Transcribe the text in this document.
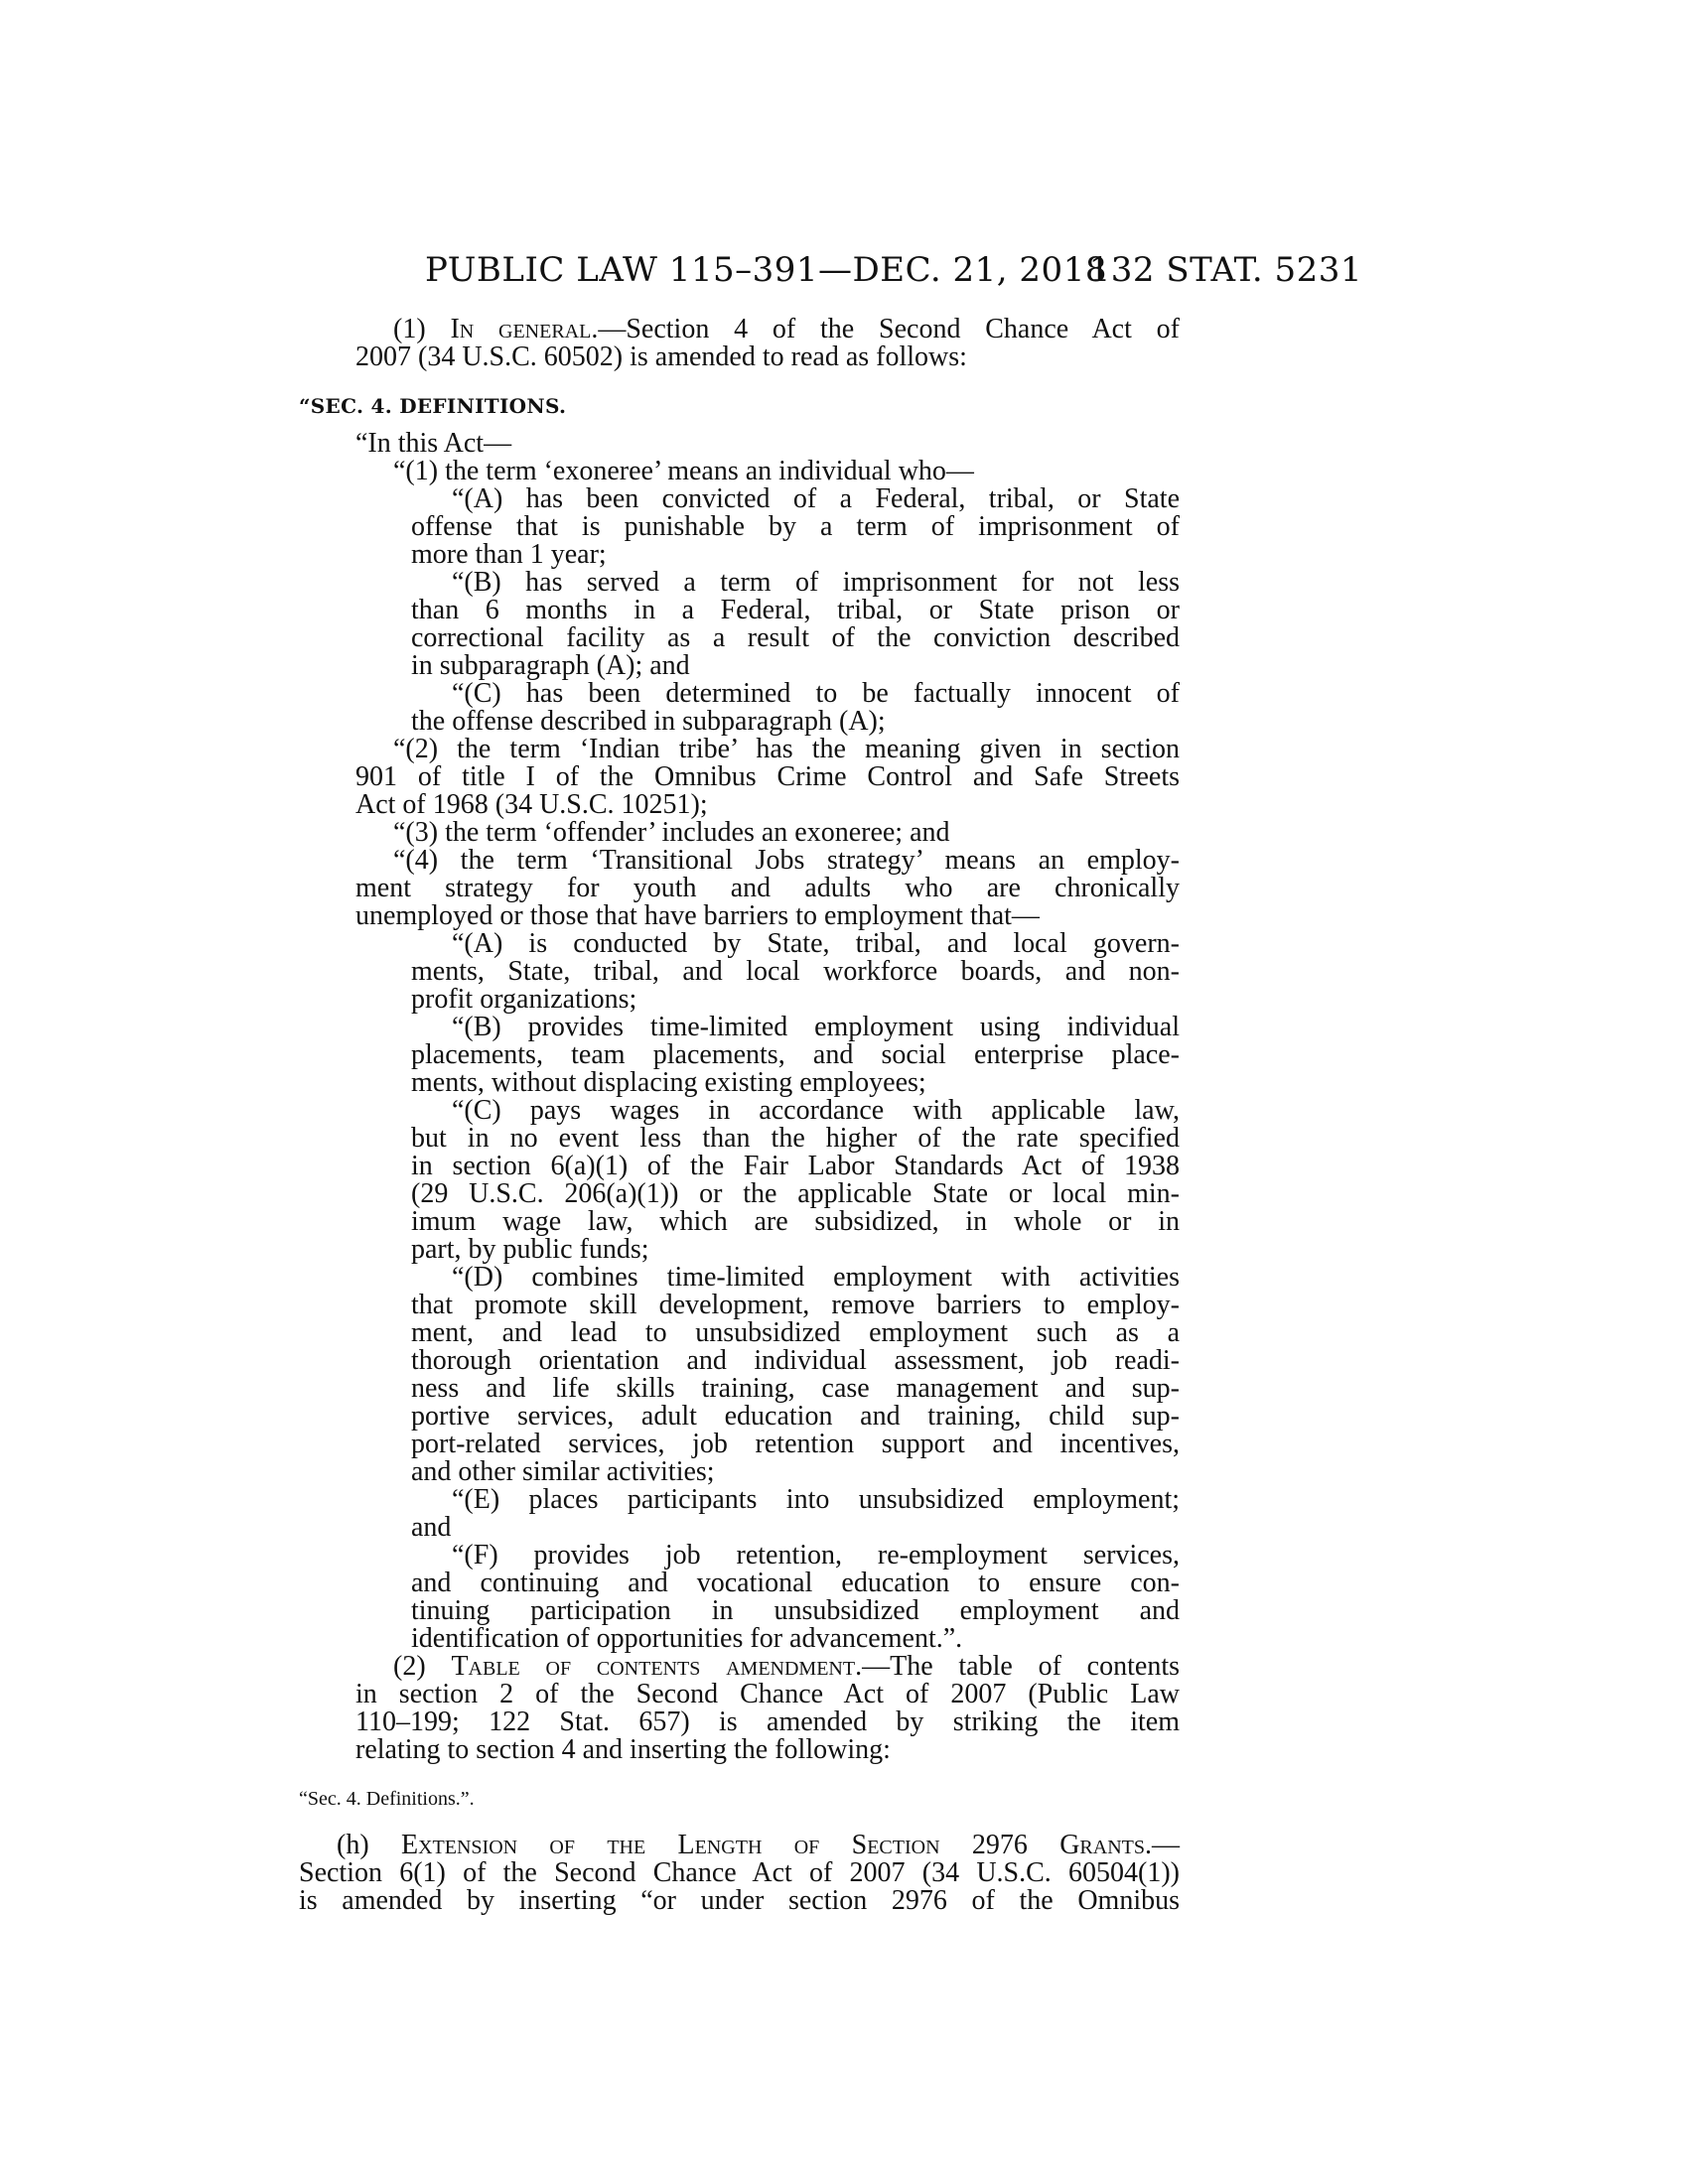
PUBLIC LAW 115–391—DEC. 21, 2018
132 STAT. 5231
(1) In general.—Section 4 of the Second Chance Act of
2007 (34 U.S.C. 60502) is amended to read as follows:
“SEC. 4. DEFINITIONS.
“In this Act—
“(1) the term ‘exoneree’ means an individual who—
“(A) has been convicted of a Federal, tribal, or State
offense that is punishable by a term of imprisonment of
more than 1 year;
“(B) has served a term of imprisonment for not less
than 6 months in a Federal, tribal, or State prison or
correctional facility as a result of the conviction described
in subparagraph (A); and
“(C) has been determined to be factually innocent of
the offense described in subparagraph (A);
“(2) the term ‘Indian tribe’ has the meaning given in section
901 of title I of the Omnibus Crime Control and Safe Streets
Act of 1968 (34 U.S.C. 10251);
“(3) the term ‘offender’ includes an exoneree; and
“(4) the term ‘Transitional Jobs strategy’ means an employ-
ment strategy for youth and adults who are chronically
unemployed or those that have barriers to employment that—
“(A) is conducted by State, tribal, and local govern-
ments, State, tribal, and local workforce boards, and non-
profit organizations;
“(B) provides time-limited employment using individual
placements, team placements, and social enterprise place-
ments, without displacing existing employees;
“(C) pays wages in accordance with applicable law,
but in no event less than the higher of the rate specified
in section 6(a)(1) of the Fair Labor Standards Act of 1938
(29 U.S.C. 206(a)(1)) or the applicable State or local min-
imum wage law, which are subsidized, in whole or in
part, by public funds;
“(D) combines time-limited employment with activities
that promote skill development, remove barriers to employ-
ment, and lead to unsubsidized employment such as a
thorough orientation and individual assessment, job readi-
ness and life skills training, case management and sup-
portive services, adult education and training, child sup-
port-related services, job retention support and incentives,
and other similar activities;
“(E) places participants into unsubsidized employment;
and
“(F) provides job retention, re-employment services,
and continuing and vocational education to ensure con-
tinuing participation in unsubsidized employment and
identification of opportunities for advancement.”.
(2) Table of contents amendment.—The table of contents
in section 2 of the Second Chance Act of 2007 (Public Law
110–199; 122 Stat. 657) is amended by striking the item
relating to section 4 and inserting the following:
“Sec. 4. Definitions.”.
(h) Extension of the Length of Section 2976 Grants.—
Section 6(1) of the Second Chance Act of 2007 (34 U.S.C. 60504(1))
is amended by inserting “or under section 2976 of the Omnibus
